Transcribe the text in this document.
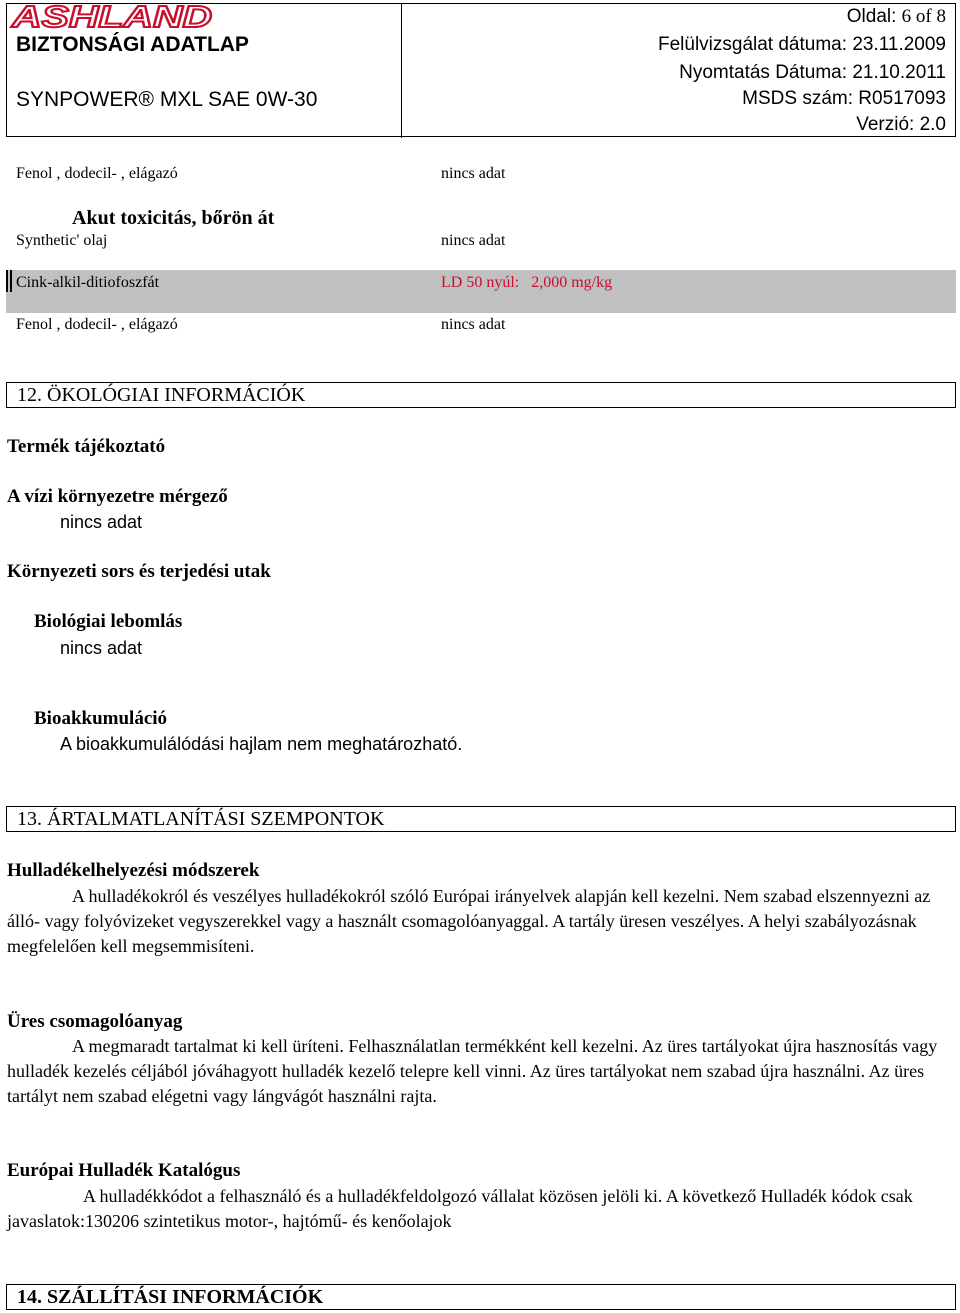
ASHLAND
BIZTONSÁGI ADATLAP
SYNPOWER® MXL SAE 0W-30
Oldal: 6 of 8
Felülvizsgálat dátuma: 23.11.2009
Nyomtatás Dátuma: 21.10.2011
MSDS szám: R0517093
Verzió: 2.0
Fenol , dodecil- , elágazó	nincs adat
Akut toxicitás, bőrön át
Synthetic' olaj	nincs adat
Cink-alkil-ditiofoszfát	LD 50 nyúl:   2,000 mg/kg
Fenol , dodecil- , elágazó	nincs adat
12. ÖKOLÓGIAI INFORMÁCIÓK
Termék tájékoztató
A vízi környezetre mérgező
nincs adat
Környezeti sors és terjedési utak
Biológiai lebomlás
nincs adat
Bioakkumuláció
A bioakkumulálódási hajlam nem meghatározható.
13. ÁRTALMATLANÍTÁSI SZEMPONTOK
Hulladékelhelyezési módszerek
A hulladékokról és veszélyes hulladékokról szóló Európai irányelvek alapján kell kezelni. Nem szabad elszennyezni az álló- vagy folyóvizeket vegyszerekkel vagy a használt csomagolóanyaggal. A tartály üresen veszélyes. A helyi szabályozásnak megfelelően kell megsemmisíteni.
Üres csomagolóanyag
A megmaradt tartalmat ki kell üríteni. Felhasználatlan termékként kell kezelni. Az üres tartályokat újra hasznosítás vagy hulladék kezelés céljából jóváhagyott hulladék kezelő telepre kell vinni. Az üres tartályokat nem szabad újra használni. Az üres tartályt nem szabad elégetni vagy lángvágót használni rajta.
Európai Hulladék Katalógus
A hulladékkódot a felhasználó és a hulladékfeldolgozó vállalat közösen jelöli ki. A következő Hulladék kódok csak javaslatok:130206 szintetikus motor-, hajtómű- és kenőolajok
14. SZÁLLÍTÁSI INFORMÁCIÓK
